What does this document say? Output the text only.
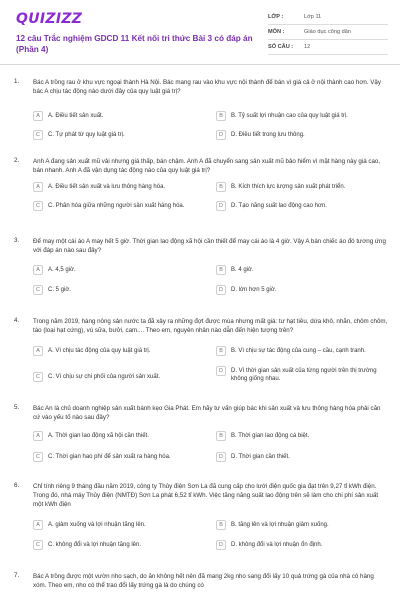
QUIZIZZ
12 câu Trắc nghiệm GDCD 11 Kết nối tri thức Bài 3 có đáp án (Phần 4)
LỚP :	Lớp 11
MÔN :	Giáo dục công dân
SỐ CÂU :	12
1. Bác A trồng rau ở khu vực ngoại thành Hà Nội. Bác mang rau vào khu vực nội thành để bán vì giá cả ở nội thành cao hơn. Vậy bác A chịu tác động nào dưới đây của quy luật giá trị?
A	A. Điều tiết sản xuất.	B	B. Tỷ suất lợi nhuận cao của quy luật giá trị.
C	C. Tự phát từ quy luật giá trị.	D	D. Điều tiết trong lưu thông.
2. Anh A đang sản xuất mũ vải nhưng giá thấp, bán chậm. Anh A đã chuyển sang sản xuất mũ bảo hiểm vì mặt hàng này giá cao, bán nhanh. Anh A đã vận dụng tác động nào của quy luật giá trị?
A	A. Điều tiết sản xuất và lưu thông hàng hóa.	B	B. Kích thích lực lượng sản xuất phát triển.
C	C. Phân hóa giữa những người sản xuất hàng hóa.	D	D. Tạo năng suất lao động cao hơn.
3. Để may một cái áo A may hết 5 giờ. Thời gian lao động xã hội cần thiết để may cái áo là 4 giờ. Vậy A bán chiếc áo đó tương ứng với đáp án nào sau đây?
A	A. 4,5 giờ.	B	B. 4 giờ.
C	C. 5 giờ.	D	D. lớn hơn 5 giờ.
4. Trong năm 2019, hàng nông sản nước ta đã xảy ra những đợt được mùa nhưng mất giá: tư hạt tiêu, dứa khô, nhãn, chôm chôm, táo (loại hạt cứng), vú sữa, bưởi, cam.... Theo em, nguyên nhân nào dẫn đến hiện tượng trên?
A	A. Vì chịu tác động của quy luật giá trị.	B	B. Vì chịu sự tác động của cung – cầu, cạnh tranh.
C	C. Vì chịu sự chi phối của người sản xuất.
D	D. Vì thời gian sản xuất của từng người trên thị trường không giống nhau.
5. Bác An là chủ doanh nghiệp sản xuất bánh kẹo Gia Phát. Em hãy tư vấn giúp bác khi sản xuất và lưu thông hàng hóa phải căn cứ vào yếu tố nào sau đây?
A	A. Thời gian lao động xã hội cần thiết.	B	B. Thời gian lao động cá biệt.
C	C. Thời gian hao phí để sản xuất ra hàng hóa.	D	D. Thời gian cần thiết.
6. Chỉ tính riêng 9 tháng đầu năm 2019, công ty Thủy điện Sơn La đã cung cấp cho lưới điện quốc gia đạt trên 9,27 tỉ kWh điện. Trong đó, nhà máy Thủy điện (NMTĐ) Sơn La phát 6,52 tỉ kWh. Việc tăng năng suất lao động trên sẽ làm cho chi phí sản xuất một kWh điện
A	A. giảm xuống và lợi nhuận tăng lên.	B	B. tăng lên và lợi nhuận giảm xuống.
C	C. không đổi và lợi nhuận tăng lên.	D	D. không đổi và lợi nhuận ổn định.
7. Bác A trồng được một vườn nho sạch, do ăn không hết nên đã mang 2kg nho sang đổi lấy 10 quả trứng gà của nhà cô hàng xóm. Theo em, nho có thể trao đổi lấy trứng gà là do chúng có
